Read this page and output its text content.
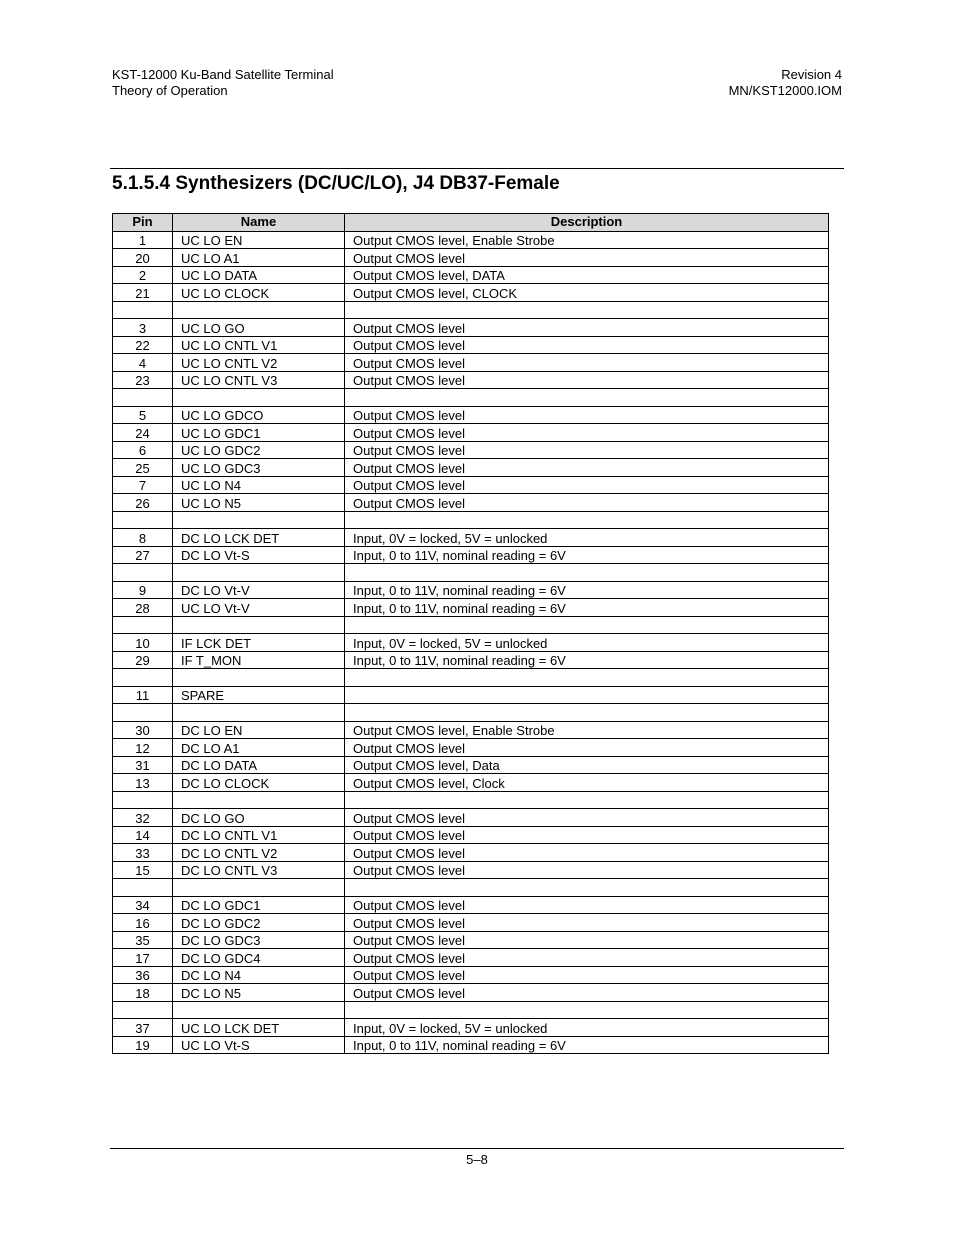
KST-12000 Ku-Band Satellite Terminal
Theory of Operation
Revision 4
MN/KST12000.IOM
5.1.5.4 Synthesizers (DC/UC/LO), J4 DB37-Female
Pin	Name	Description
1	UC LO EN	Output CMOS level, Enable Strobe
20	UC LO A1	Output CMOS level
2	UC LO DATA	Output CMOS level, DATA
21	UC LO CLOCK	Output CMOS level, CLOCK

3	UC LO GO	Output CMOS level
22	UC LO CNTL V1	Output CMOS level
4	UC LO CNTL V2	Output CMOS level
23	UC LO CNTL V3	Output CMOS level

5	UC LO GDCO	Output CMOS level
24	UC LO GDC1	Output CMOS level
6	UC LO GDC2	Output CMOS level
25	UC LO GDC3	Output CMOS level
7	UC LO N4	Output CMOS level
26	UC LO N5	Output CMOS level

8	DC LO LCK DET	Input, 0V = locked, 5V = unlocked
27	DC LO Vt-S	Input, 0 to 11V, nominal reading = 6V

9	DC LO Vt-V	Input, 0 to 11V, nominal reading = 6V
28	UC LO Vt-V	Input, 0 to 11V, nominal reading = 6V

10	IF LCK DET	Input, 0V = locked, 5V = unlocked
29	IF T_MON	Input, 0 to 11V, nominal reading = 6V

11	SPARE	

30	DC LO EN	Output CMOS level, Enable Strobe
12	DC LO A1	Output CMOS level
31	DC LO DATA	Output CMOS level, Data
13	DC LO CLOCK	Output CMOS level, Clock

32	DC LO GO	Output CMOS level
14	DC LO CNTL V1	Output CMOS level
33	DC LO CNTL V2	Output CMOS level
15	DC LO CNTL V3	Output CMOS level

34	DC LO GDC1	Output CMOS level
16	DC LO GDC2	Output CMOS level
35	DC LO GDC3	Output CMOS level
17	DC LO GDC4	Output CMOS level
36	DC LO N4	Output CMOS level
18	DC LO N5	Output CMOS level

37	UC LO LCK DET	Input, 0V = locked, 5V = unlocked
19	UC LO Vt-S	Input, 0 to 11V, nominal reading = 6V
5–8
